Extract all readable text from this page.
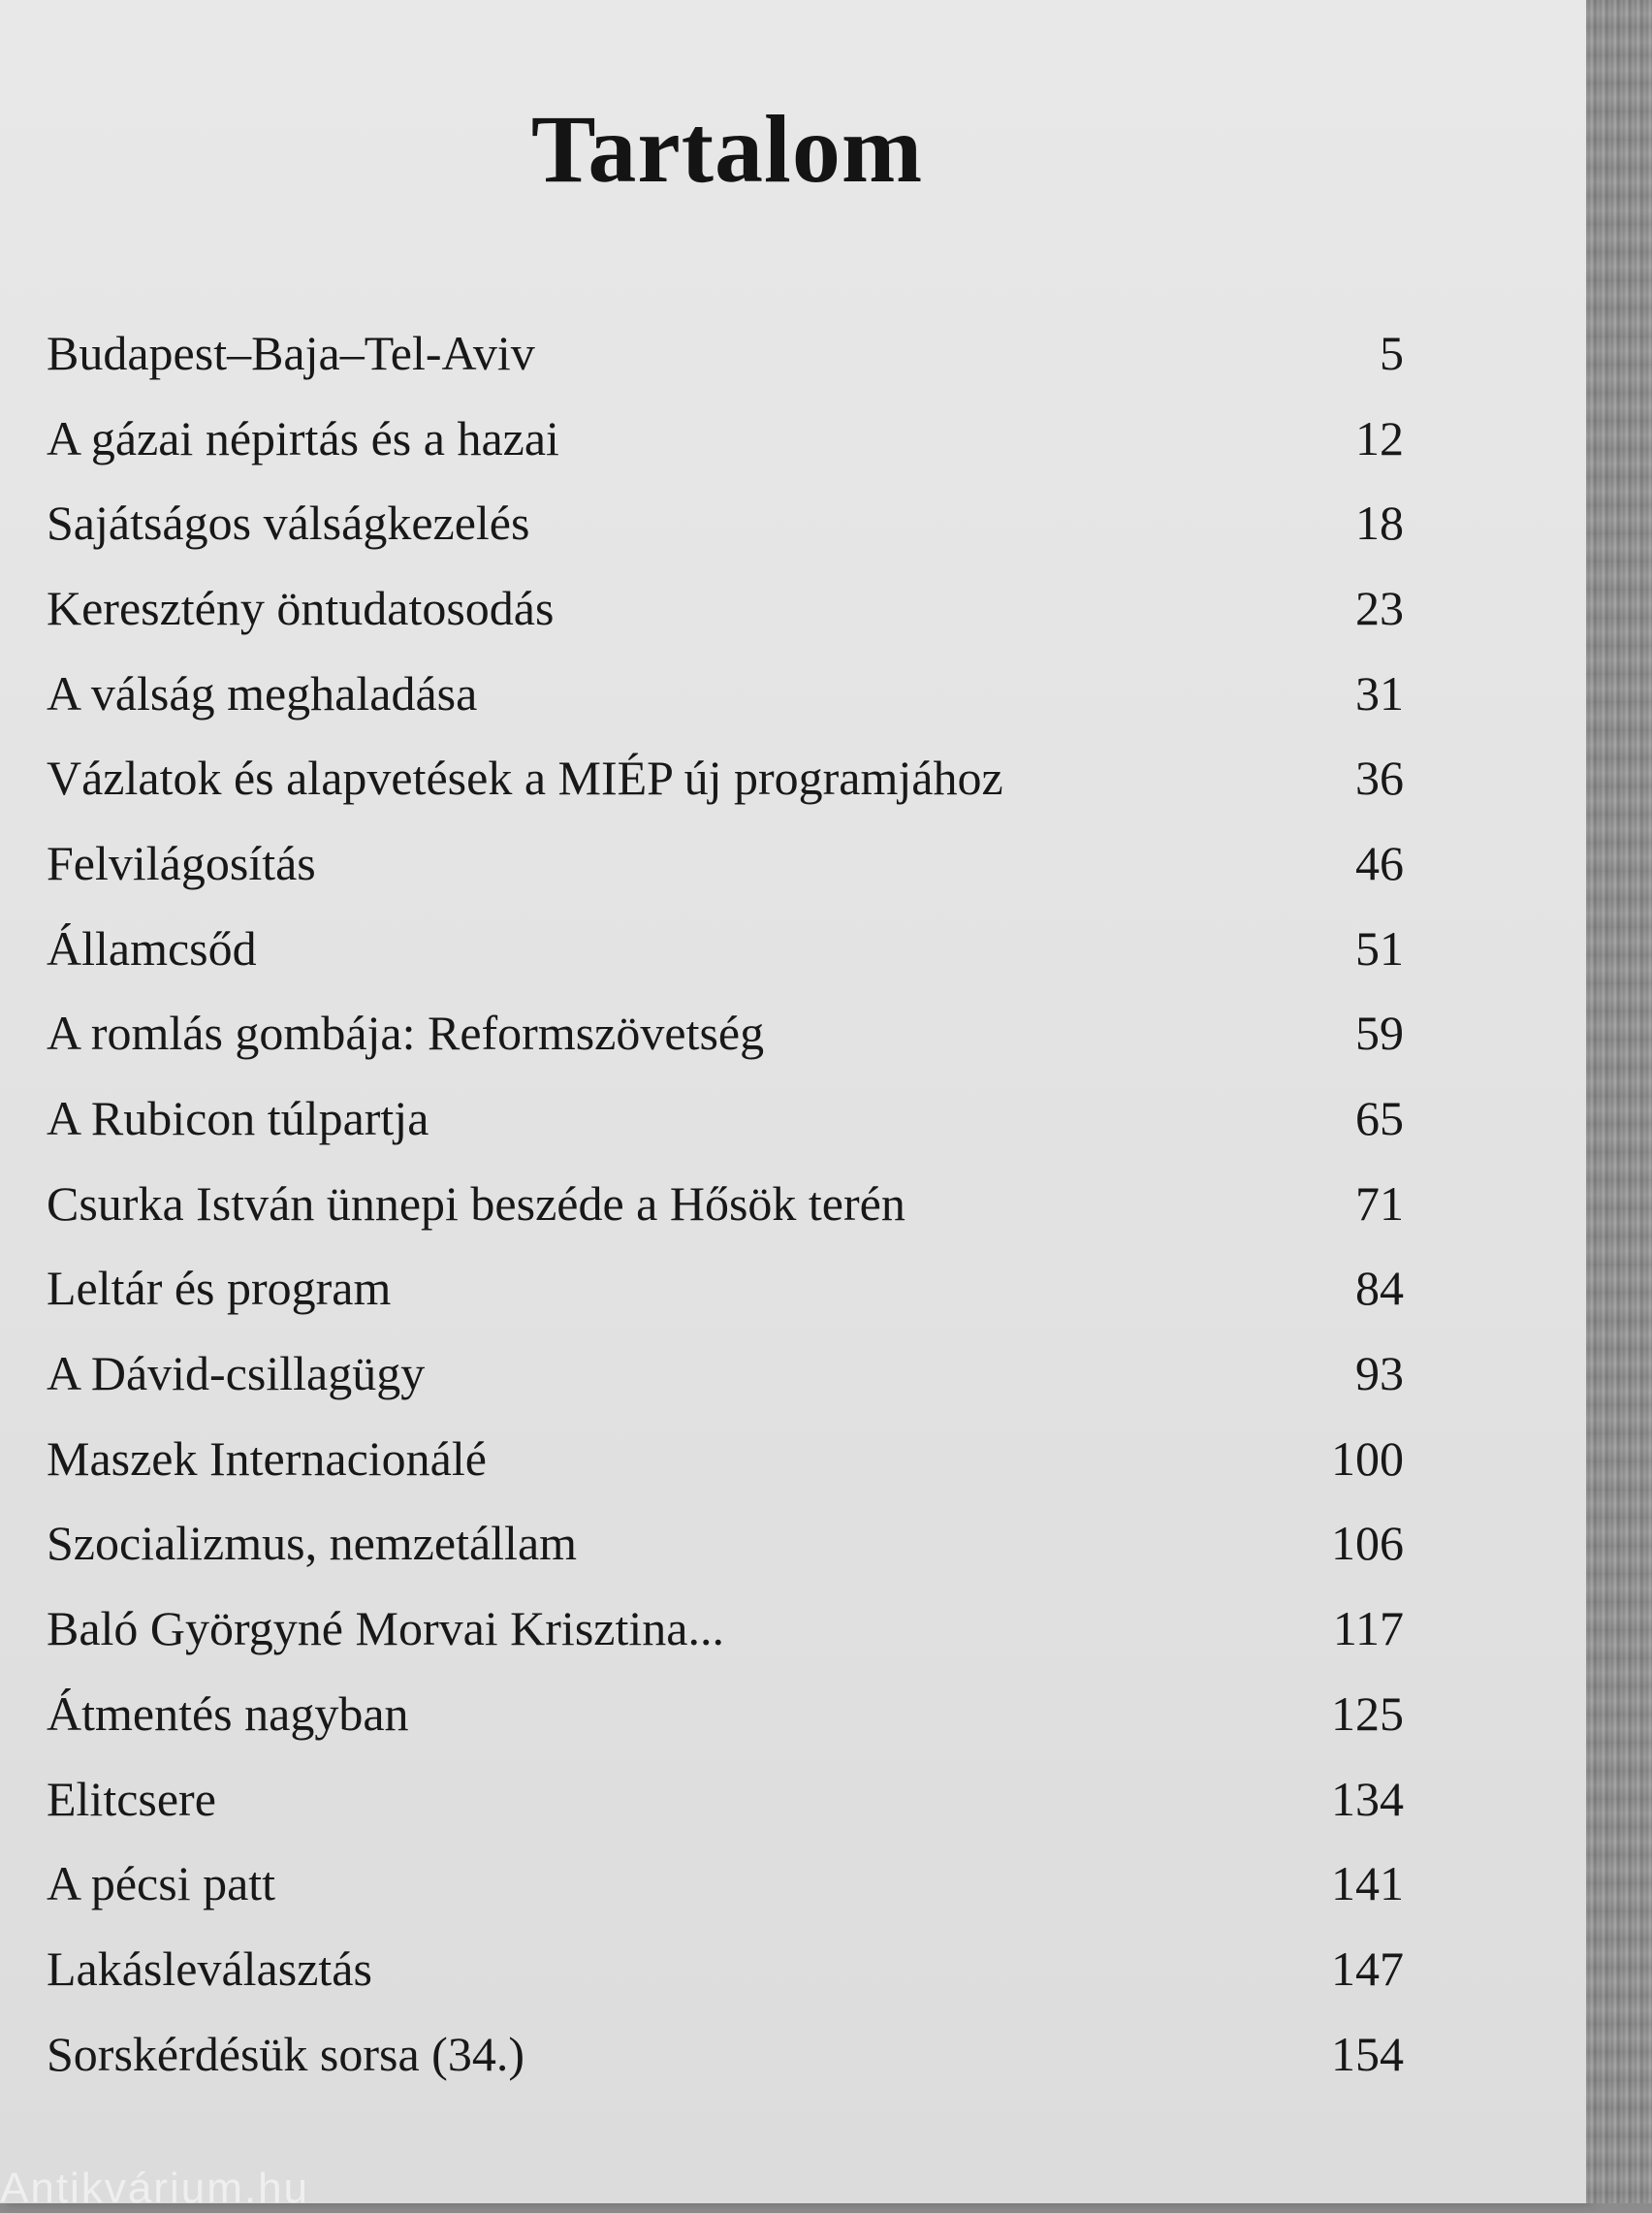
Tartalom
Budapest–Baja–Tel-Aviv	5
A gázai népirtás és a hazai	12
Sajátságos válságkezelés	18
Keresztény öntudatosodás	23
A válság meghaladása	31
Vázlatok és alapvetések a MIÉP új programjához	36
Felvilágosítás	46
Államcsőd	51
A romlás gombája: Reformszövetség	59
A Rubicon túlpartja	65
Csurka István ünnepi beszéde a Hősök terén	71
Leltár és program	84
A Dávid-csillagügy	93
Maszek Internacionálé	100
Szocializmus, nemzetállam	106
Baló Györgyné Morvai Krisztina...	117
Átmentés nagyban	125
Elitcsere	134
A pécsi patt	141
Lakásleválasztás	147
Sorskérdésük sorsa (34.)	154

Antikvárium.hu
